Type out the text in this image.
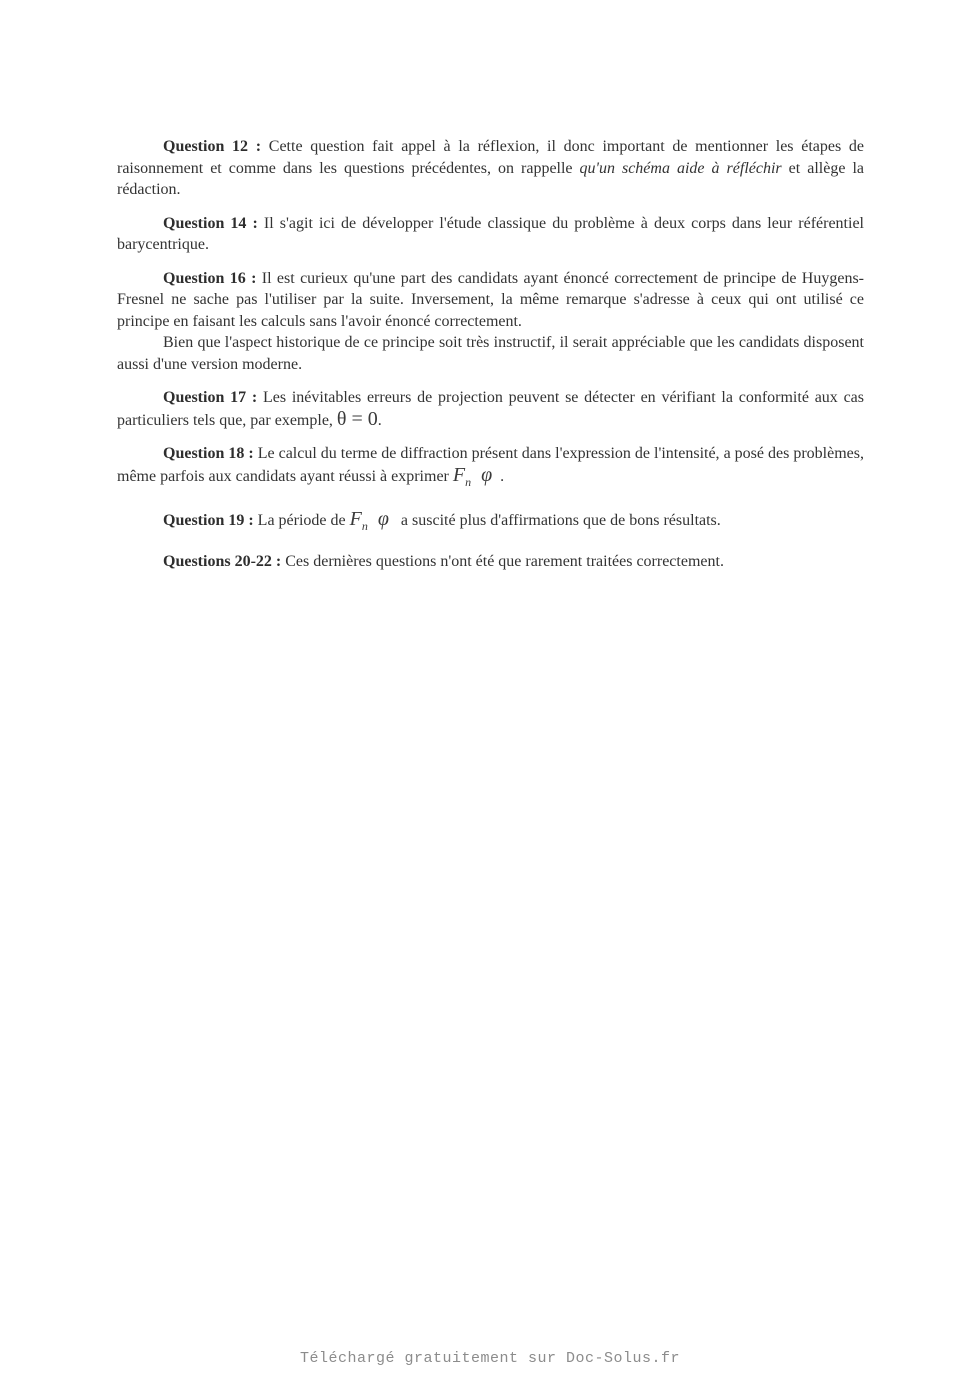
Question 12 : Cette question fait appel à la réflexion, il donc important de mentionner les étapes de raisonnement et comme dans les questions précédentes, on rappelle qu'un schéma aide à réfléchir et allège la rédaction.

Question 14 : Il s'agit ici de développer l'étude classique du problème à deux corps dans leur référentiel barycentrique.

Question 16 : Il est curieux qu'une part des candidats ayant énoncé correctement de principe de Huygens-Fresnel ne sache pas l'utiliser par la suite. Inversement, la même remarque s'adresse à ceux qui ont utilisé ce principe en faisant les calculs sans l'avoir énoncé correctement.

Bien que l'aspect historique de ce principe soit très instructif, il serait appréciable que les candidats disposent aussi d'une version moderne.

Question 17 : Les inévitables erreurs de projection peuvent se détecter en vérifiant la conformité aux cas particuliers tels que, par exemple, θ = 0.

Question 18 : Le calcul du terme de diffraction présent dans l'expression de l'intensité, a posé des problèmes, même parfois aux candidats ayant réussi à exprimer $F_n$ φ .

Question 19 : La période de $F_n$ φ a suscité plus d'affirmations que de bons résultats.

Questions 20-22 : Ces dernières questions n'ont été que rarement traitées correctement.

Téléchargé gratuitement sur Doc-Solus.fr
